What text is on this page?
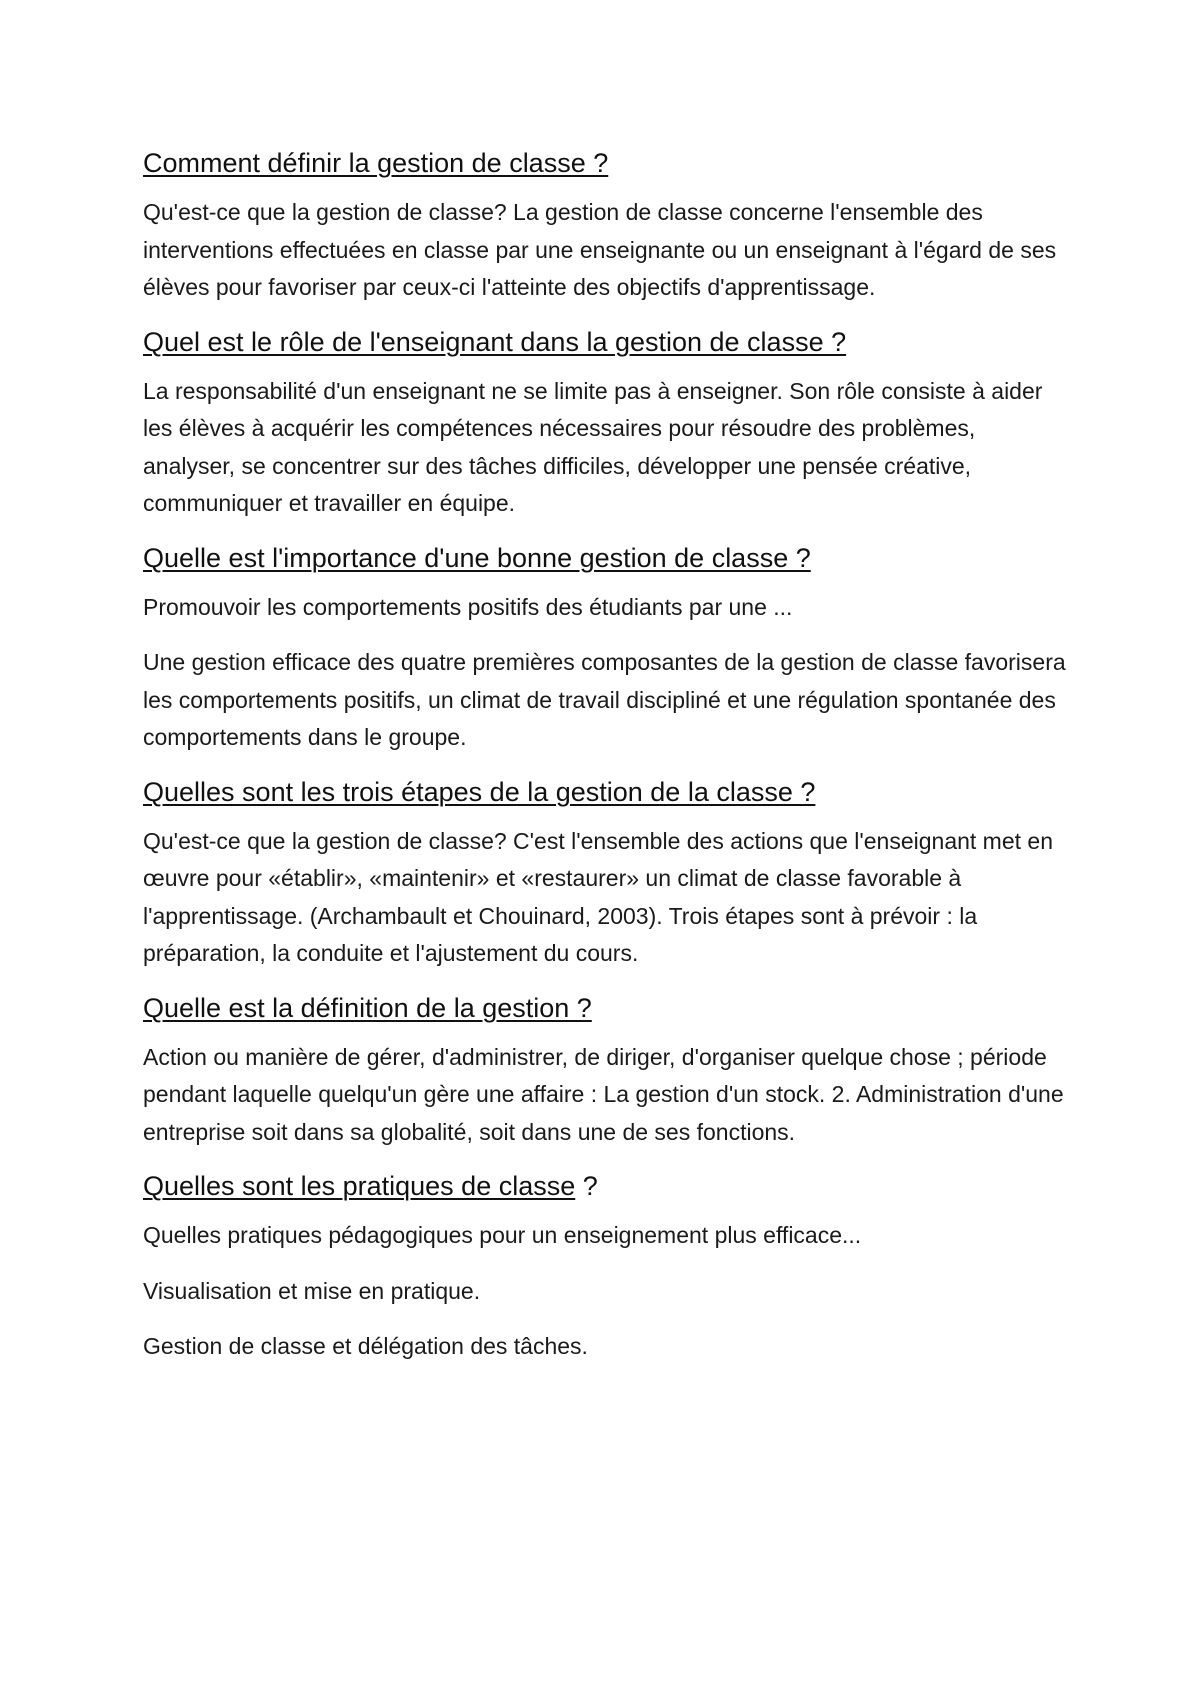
Comment définir la gestion de classe ?

Qu'est-ce que la gestion de classe? La gestion de classe concerne l'ensemble des interventions effectuées en classe par une enseignante ou un enseignant à l'égard de ses élèves pour favoriser par ceux-ci l'atteinte des objectifs d'apprentissage.

Quel est le rôle de l'enseignant dans la gestion de classe ?

La responsabilité d'un enseignant ne se limite pas à enseigner. Son rôle consiste à aider les élèves à acquérir les compétences nécessaires pour résoudre des problèmes, analyser, se concentrer sur des tâches difficiles, développer une pensée créative, communiquer et travailler en équipe.

Quelle est l'importance d'une bonne gestion de classe ?

Promouvoir les comportements positifs des étudiants par une ...

Une gestion efficace des quatre premières composantes de la gestion de classe favorisera les comportements positifs, un climat de travail discipliné et une régulation spontanée des comportements dans le groupe.

Quelles sont les trois étapes de la gestion de la classe ?

Qu'est-ce que la gestion de classe? C'est l'ensemble des actions que l'enseignant met en œuvre pour «établir», «maintenir» et «restaurer» un climat de classe favorable à l'apprentissage. (Archambault et Chouinard, 2003). Trois étapes sont à prévoir : la préparation, la conduite et l'ajustement du cours.

Quelle est la définition de la gestion ?

Action ou manière de gérer, d'administrer, de diriger, d'organiser quelque chose ; période pendant laquelle quelqu'un gère une affaire : La gestion d'un stock. 2. Administration d'une entreprise soit dans sa globalité, soit dans une de ses fonctions.

Quelles sont les pratiques de classe ?

Quelles pratiques pédagogiques pour un enseignement plus efficace...

Visualisation et mise en pratique.

Gestion de classe et délégation des tâches.
